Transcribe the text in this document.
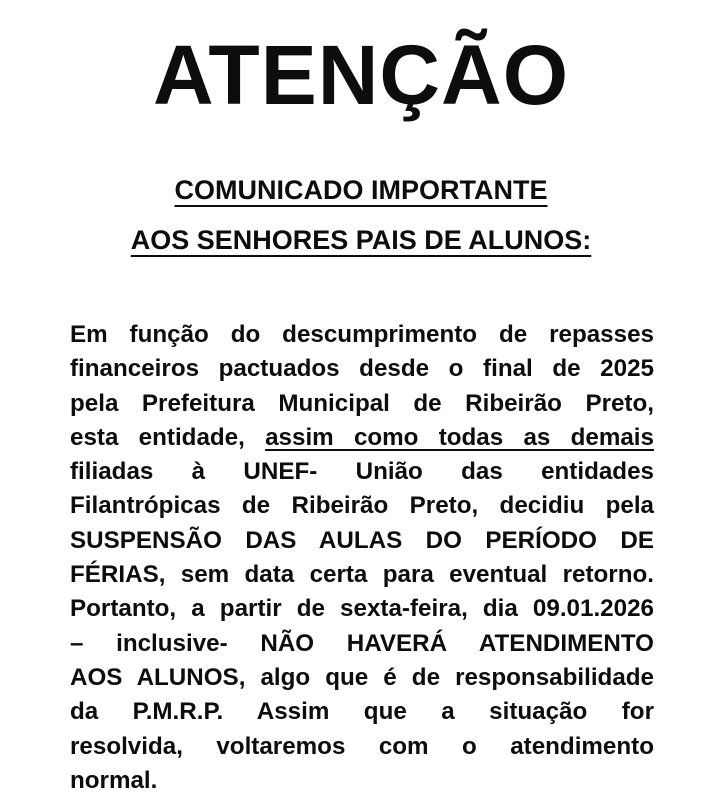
ATENÇÃO

COMUNICADO IMPORTANTE

AOS SENHORES PAIS DE ALUNOS:

Em função do descumprimento de repasses
financeiros pactuados desde o final de 2025
pela Prefeitura Municipal de Ribeirão Preto,
esta entidade, assim como todas as demais
filiadas à UNEF- União das entidades
Filantrópicas de Ribeirão Preto, decidiu pela
SUSPENSÃO DAS AULAS DO PERÍODO DE
FÉRIAS, sem data certa para eventual retorno.
Portanto, a partir de sexta-feira, dia 09.01.2026
– inclusive- NÃO HAVERÁ ATENDIMENTO
AOS ALUNOS, algo que é de responsabilidade
da P.M.R.P. Assim que a situação for
resolvida, voltaremos com o atendimento
normal.
